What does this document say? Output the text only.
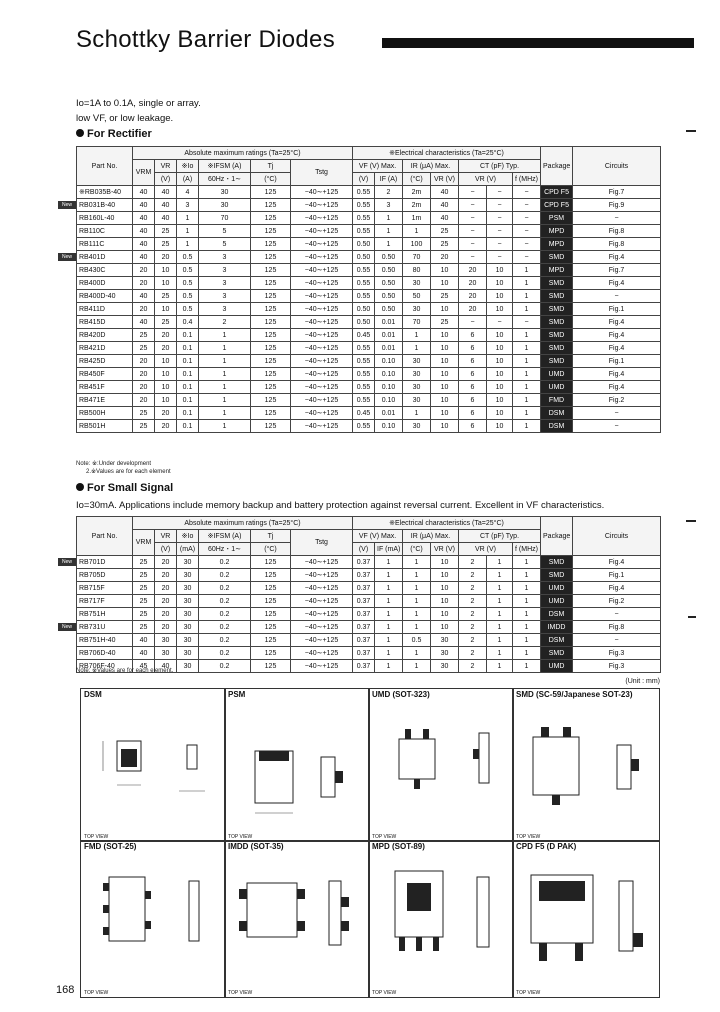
Schottky Barrier Diodes
Io=1A to 0.1A, single or array.
low VF, or low leakage.
For Rectifier
Part No.	Absolute maximum ratings (Ta=25°C)						※Electrical characteristics (Ta=25°C)							Package	Circuits
	VRM	VR	※Io	※IFSM (A)	Tj	Tstg	VF (V) Max.		IR (μA) Max.		CT (pF) Typ.				
		(V)	(A)	60Hz・1∼	(°C)		(V)	IF (A)	(°C)	VR (V)	VR (V)		f (MHz)		
※RB035B-40	40	40	4	30	125	−40∼+125	0.55	2	2m	40	−	−	−	CPD F5	Fig.7
RB031B-40	40	40	3	30	125	−40∼+125	0.55	3	2m	40	−	−	−	CPD F5	Fig.9
RB160L-40	40	40	1	70	125	−40∼+125	0.55	1	1m	40	−	−	−	PSM	−
RB110C	40	25	1	5	125	−40∼+125	0.55	1	1	25	−	−	−	MPD	Fig.8
RB111C	40	25	1	5	125	−40∼+125	0.50	1	100	25	−	−	−	MPD	Fig.8
RB401D	40	20	0.5	3	125	−40∼+125	0.50	0.50	70	20	−	−	−	SMD	Fig.4
RB430C	20	10	0.5	3	125	−40∼+125	0.55	0.50	80	10	20	10	1	MPD	Fig.7
RB400D	20	10	0.5	3	125	−40∼+125	0.55	0.50	30	10	20	10	1	SMD	Fig.4
RB400D-40	40	25	0.5	3	125	−40∼+125	0.55	0.50	50	25	20	10	1	SMD	−
RB411D	20	10	0.5	3	125	−40∼+125	0.50	0.50	30	10	20	10	1	SMD	Fig.1
RB415D	40	25	0.4	2	125	−40∼+125	0.50	0.01	70	25	−	−	−	SMD	Fig.4
RB420D	25	20	0.1	1	125	−40∼+125	0.45	0.01	1	10	6	10	1	SMD	Fig.4
RB421D	25	20	0.1	1	125	−40∼+125	0.55	0.01	1	10	6	10	1	SMD	Fig.4
RB425D	20	10	0.1	1	125	−40∼+125	0.55	0.10	30	10	6	10	1	SMD	Fig.1
RB450F	20	10	0.1	1	125	−40∼+125	0.55	0.10	30	10	6	10	1	UMD	Fig.4
RB451F	20	10	0.1	1	125	−40∼+125	0.55	0.10	30	10	6	10	1	UMD	Fig.4
RB471E	20	10	0.1	1	125	−40∼+125	0.55	0.10	30	10	6	10	1	FMD	Fig.2
RB500H	25	20	0.1	1	125	−40∼+125	0.45	0.01	1	10	6	10	1	DSM	−
RB501H	25	20	0.1	1	125	−40∼+125	0.55	0.10	30	10	6	10	1	DSM	−
Note: ※:Under development
2.※Values are for each element
For Small Signal
Io=30mA. Applications include memory backup and battery protection against reversal current. Excellent in VF characteristics.
Part No.	Absolute maximum ratings (Ta=25°C)						※Electrical characteristics (Ta=25°C)							Package	Circuits
	VRM	VR	※Io	※IFSM (A)	Tj	Tstg	VF (V) Max.		IR (μA) Max.		CT (pF) Typ.				
		(V)	(mA)	60Hz・1∼	(°C)		(V)	IF (mA)	(°C)	VR (V)	VR (V)		f (MHz)		
RB701D	25	20	30	0.2	125	−40∼+125	0.37	1	1	10	2	1	1	SMD	Fig.4
RB705D	25	20	30	0.2	125	−40∼+125	0.37	1	1	10	2	1	1	SMD	Fig.1
RB715F	25	20	30	0.2	125	−40∼+125	0.37	1	1	10	2	1	1	UMD	Fig.4
RB717F	25	20	30	0.2	125	−40∼+125	0.37	1	1	10	2	1	1	UMD	Fig.2
RB751H	25	20	30	0.2	125	−40∼+125	0.37	1	1	10	2	1	1	DSM	−
RB731U	25	20	30	0.2	125	−40∼+125	0.37	1	1	10	2	1	1	IMDD	Fig.8
RB751H-40	40	30	30	0.2	125	−40∼+125	0.37	1	0.5	30	2	1	1	DSM	−
RB706D-40	40	30	30	0.2	125	−40∼+125	0.37	1	1	30	2	1	1	SMD	Fig.3
RB706F-40	45	40	30	0.2	125	−40∼+125	0.37	1	1	30	2	1	1	UMD	Fig.3
Note: ※Values are for each element.
(Unit : mm)
DSM
TOP VIEW
PSM
TOP VIEW
UMD (SOT-323)
TOP VIEW
SMD (SC-59/Japanese SOT-23)
TOP VIEW
FMD (SOT-25)
TOP VIEW
IMDD (SOT-35)
TOP VIEW
MPD (SOT-89)
TOP VIEW
CPD F5 (D PAK)
TOP VIEW
168
New
New
New
New
